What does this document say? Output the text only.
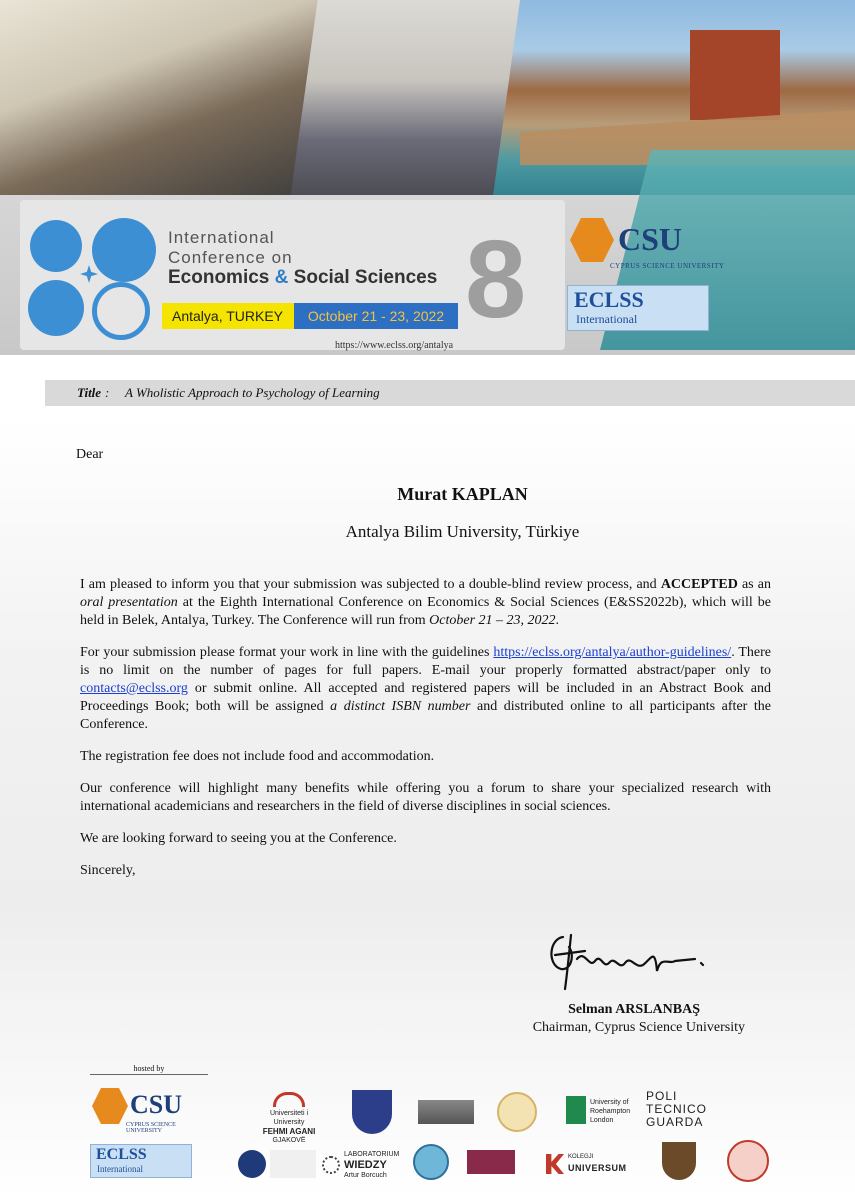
International
Conference on
Economics & Social Sciences
Antalya, TURKEY	October 21 - 23, 2022 8
https://www.eclss.org/antalya
CSU
CYPRUS SCIENCE UNIVERSITY
ECLSS
International
Title : A Wholistic Approach to Psychology of Learning
Dear
Murat KAPLAN
Antalya Bilim University, Türkiye

I am pleased to inform you that your submission was subjected to a double-blind review process, and ACCEPTED as an oral presentation at the Eighth International Conference on Economics & Social Sciences (E&SS2022b), which will be held in Belek, Antalya, Turkey. The Conference will run from October 21 – 23, 2022.

For your submission please format your work in line with the guidelines https://eclss.org/antalya/author-guidelines/. There is no limit on the number of pages for full papers. E-mail your properly formatted abstract/paper only to contacts@eclss.org or submit online. All accepted and registered papers will be included in an Abstract Book and Proceedings Book; both will be assigned a distinct ISBN number and distributed online to all participants after the Conference.

The registration fee does not include food and accommodation.

Our conference will highlight many benefits while offering you a forum to share your specialized research with international academicians and researchers in the field of diverse disciplines in social sciences.

We are looking forward to seeing you at the Conference.

Sincerely,

Selman ARSLANBAŞ
Chairman, Cyprus Science University
hosted by
CSU
CYPRUS SCIENCE UNIVERSITY
ECLSS
International
Universiteti i University
FEHMI AGANI
GJAKOVË
University of
Roehampton
London
POLI TECNICO GUARDA
LABORATORIUM
WIEDZY
Artur Borcuch
KOLEGJI
UNIVERSUM
